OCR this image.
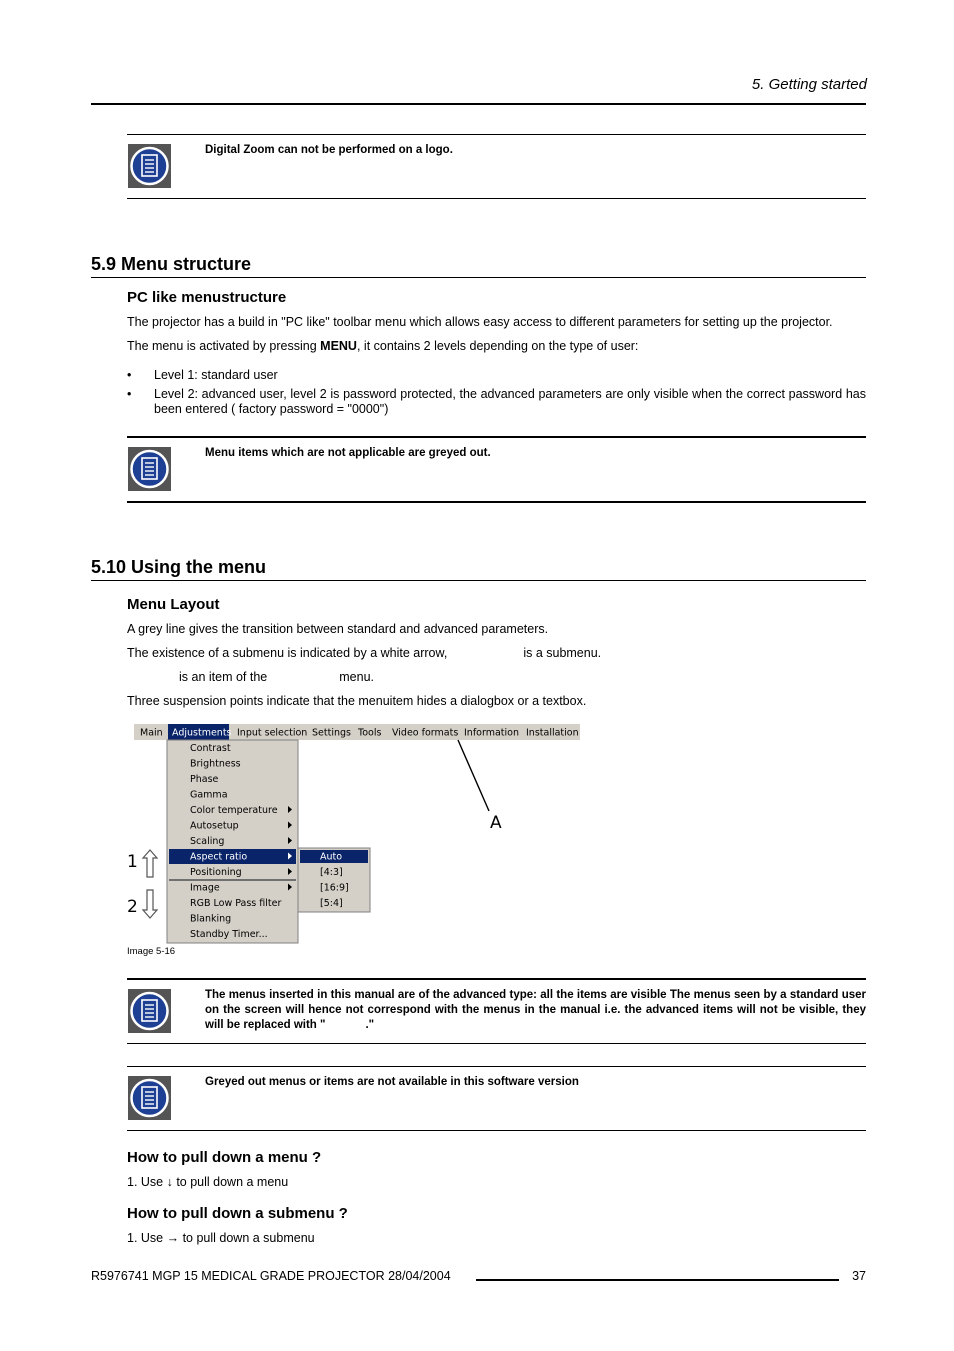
5. Getting started
Digital Zoom can not be performed on a logo.
5.9 Menu structure
PC like menustructure

The projector has a build in "PC like" toolbar menu which allows easy access to different parameters for setting up the projector.

The menu is activated by pressing MENU, it contains 2 levels depending on the type of user:

• Level 1: standard user
• Level 2: advanced user, level 2 is password protected, the advanced parameters are only visible when the correct password has been entered ( factory password = "0000")
Menu items which are not applicable are greyed out.
5.10 Using the menu
Menu Layout

A grey line gives the transition between standard and advanced parameters.

The existence of a submenu is indicated by a white arrow,	is a submenu.

is an item of the	menu.

Three suspension points indicate that the menuitem hides a dialogbox or a textbox.

Main Adjustments Input selection Settings Tools Video formats Information Installation
Contrast
Brightness
Phase
Gamma
Color temperature
Autosetup
Scaling
Aspect ratio
Positioning
Image
RGB Low Pass filter
Blanking
Standby Timer...
Auto
[4:3]
[16:9]
[5:4]
A
1
2
Image 5-16
The menus inserted in this manual are of the advanced type: all the items are visible The menus seen by a standard user on the screen will hence not correspond with the menus in the manual i.e. the advanced items will not be visible, they will be replaced with "	."
Greyed out menus or items are not available in this software version
How to pull down a menu ?

1. Use ↓ to pull down a menu

How to pull down a submenu ?

1. Use → to pull down a submenu

R5976741 MGP 15 MEDICAL GRADE PROJECTOR 28/04/2004	37
